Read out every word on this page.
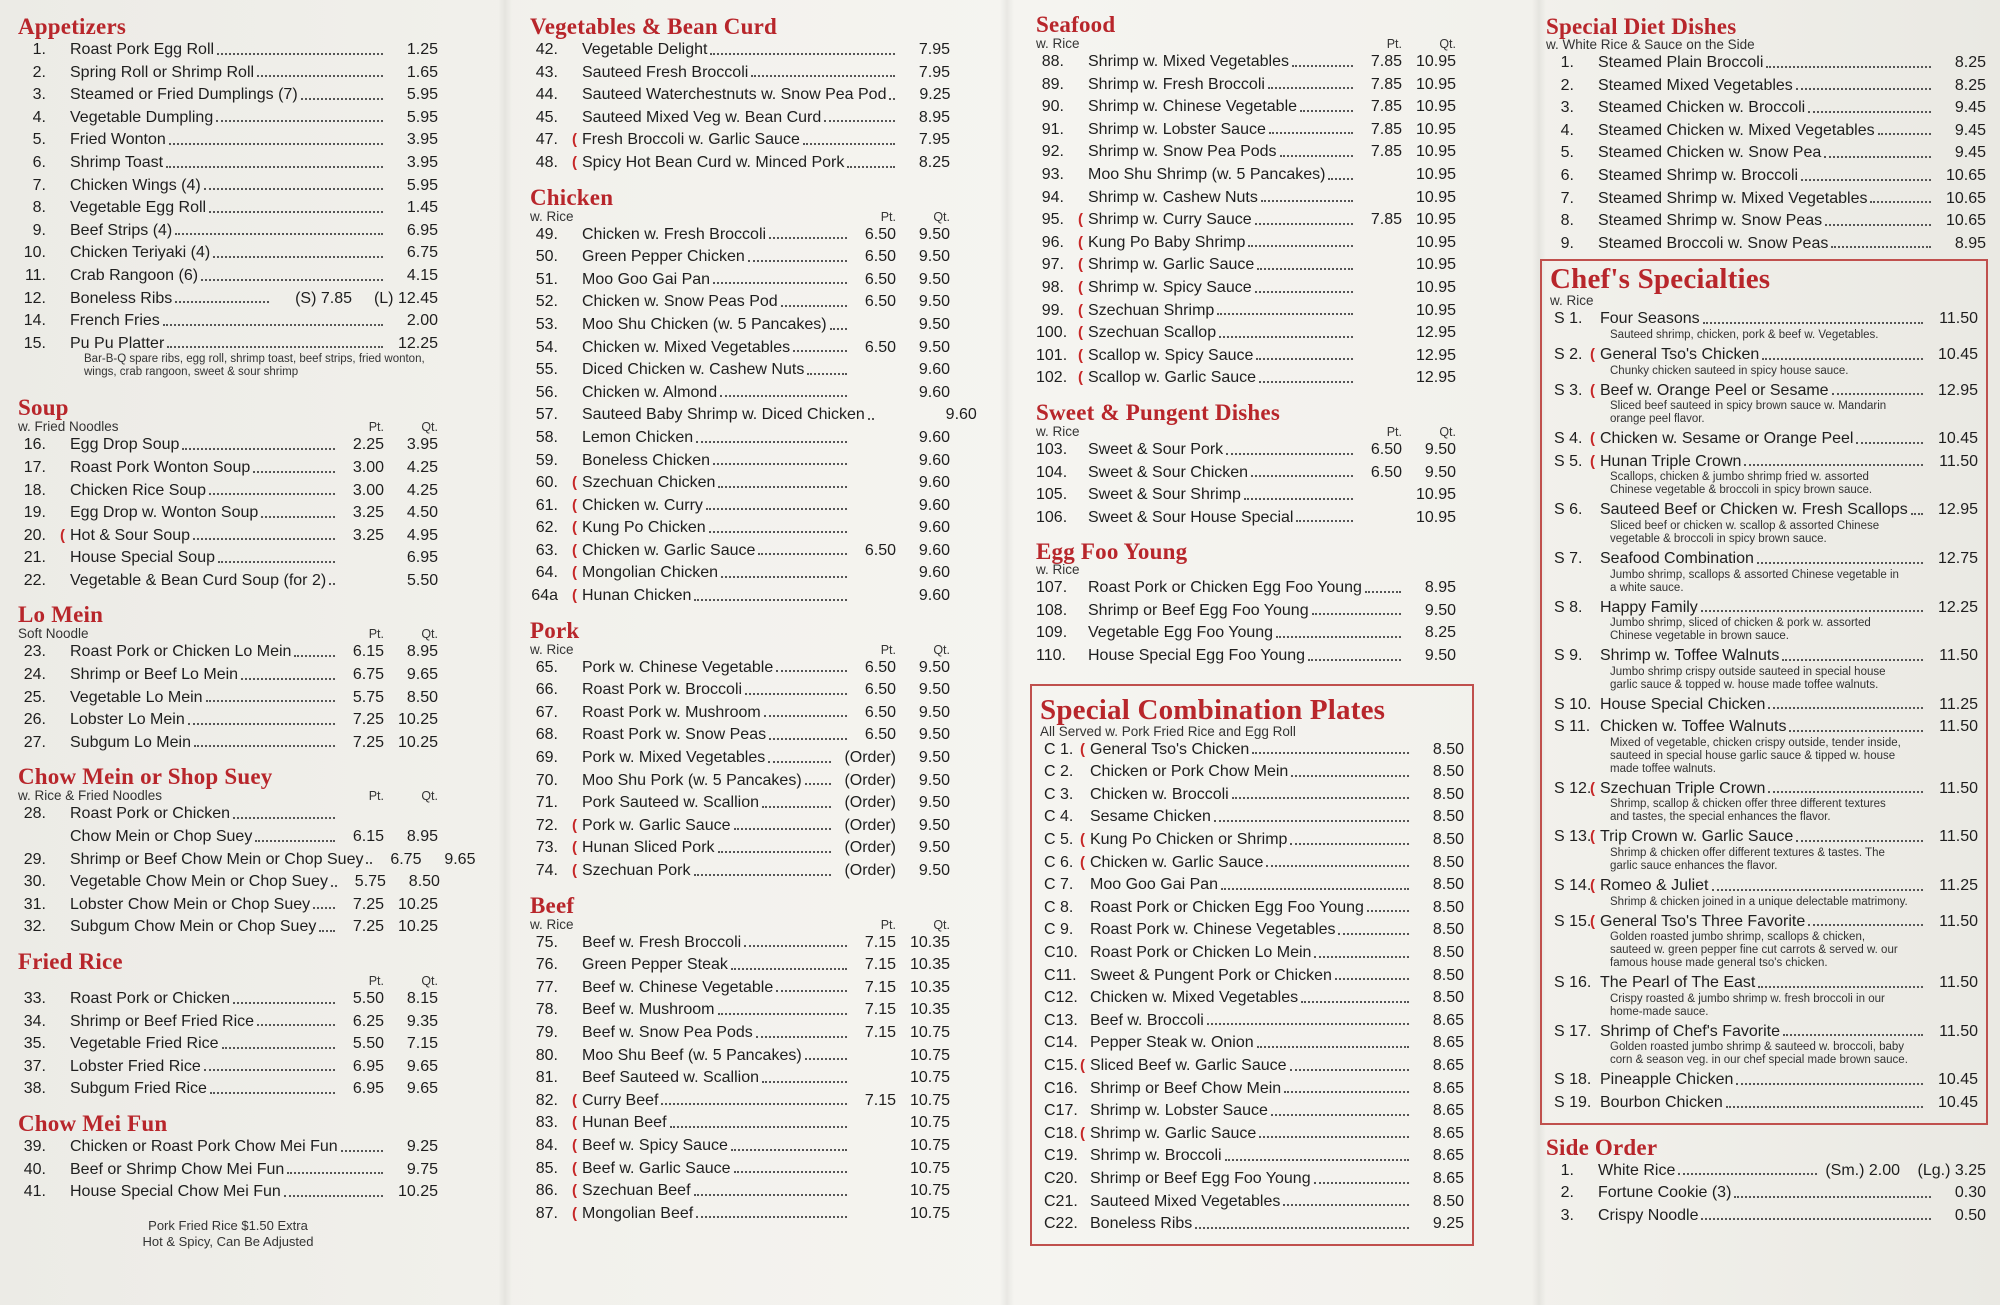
Appetizers
1.	Roast Pork Egg Roll	1.25
2.	Spring Roll or Shrimp Roll	1.65
3.	Steamed or Fried Dumplings (7)	5.95
4.	Vegetable Dumpling	5.95
5.	Fried Wonton	3.95
6.	Shrimp Toast	3.95
7.	Chicken Wings (4)	5.95
8.	Vegetable Egg Roll	1.45
9.	Beef Strips (4)	6.95
10.	Chicken Teriyaki (4)	6.75
11.	Crab Rangoon (6)	4.15
12.	Boneless Ribs	(S) 7.85	(L) 12.45
14.	French Fries	2.00
15.	Pu Pu Platter	12.25
Bar-B-Q spare ribs, egg roll, shrimp toast, beef strips, fried wonton, wings, crab rangoon, sweet & sour shrimp
Soup
w. Fried Noodles	Pt.	Qt.
16.	Egg Drop Soup	2.25	3.95
17.	Roast Pork Wonton Soup	3.00	4.25
18.	Chicken Rice Soup	3.00	4.25
19.	Egg Drop w. Wonton Soup	3.25	4.50
20. ( Hot & Sour Soup	3.25	4.95
21.	House Special Soup	6.95
22.	Vegetable & Bean Curd Soup (for 2)	5.50
Lo Mein
Soft Noodle	Pt.	Qt.
23.	Roast Pork or Chicken Lo Mein	6.15	8.95
24.	Shrimp or Beef Lo Mein	6.75	9.65
25.	Vegetable Lo Mein	5.75	8.50
26.	Lobster Lo Mein	7.25 10.25
27.	Subgum Lo Mein	7.25 10.25
Chow Mein or Shop Suey
w. Rice & Fried Noodles	Pt.	Qt.
28.	Roast Pork or Chicken
Chow Mein or Chop Suey	6.15	8.95
29.	Shrimp or Beef Chow Mein or Chop Suey	6.75	9.65
30.	Vegetable Chow Mein or Chop Suey	5.75	8.50
31.	Lobster Chow Mein or Chop Suey	7.25 10.25
32.	Subgum Chow Mein or Chop Suey	7.25 10.25
Fried Rice
Pt.	Qt.
33.	Roast Pork or Chicken	5.50	8.15
34.	Shrimp or Beef Fried Rice	6.25	9.35
35.	Vegetable Fried Rice	5.50	7.15
37.	Lobster Fried Rice	6.95	9.65
38.	Subgum Fried Rice	6.95	9.65
Chow Mei Fun
39.	Chicken or Roast Pork Chow Mei Fun	9.25
40.	Beef or Shrimp Chow Mei Fun	9.75
41.	House Special Chow Mei Fun	10.25
Pork Fried Rice $1.50 Extra
Hot & Spicy, Can Be Adjusted
Vegetables & Bean Curd
42.	Vegetable Delight	7.95
43.	Sauteed Fresh Broccoli	7.95
44.	Sauteed Waterchestnuts w. Snow Pea Pod	9.25
45.	Sauteed Mixed Veg w. Bean Curd	8.95
47. ( Fresh Broccoli w. Garlic Sauce	7.95
48. ( Spicy Hot Bean Curd w. Minced Pork	8.25
Chicken
w. Rice	Pt.	Qt.
49.	Chicken w. Fresh Broccoli	6.50	9.50
50.	Green Pepper Chicken	6.50	9.50
51.	Moo Goo Gai Pan	6.50	9.50
52.	Chicken w. Snow Peas Pod	6.50	9.50
53.	Moo Shu Chicken (w. 5 Pancakes)	9.50
54.	Chicken w. Mixed Vegetables	6.50	9.50
55.	Diced Chicken w. Cashew Nuts	9.60
56.	Chicken w. Almond	9.60
57.	Sauteed Baby Shrimp w. Diced Chicken	9.60
58.	Lemon Chicken	9.60
59.	Boneless Chicken	9.60
60. ( Szechuan Chicken	9.60
61. ( Chicken w. Curry	9.60
62. ( Kung Po Chicken	9.60
63. ( Chicken w. Garlic Sauce	6.50	9.60
64. ( Mongolian Chicken	9.60
64a ( Hunan Chicken	9.60
Pork
w. Rice	Pt.	Qt.
65.	Pork w. Chinese Vegetable	6.50	9.50
66.	Roast Pork w. Broccoli	6.50	9.50
67.	Roast Pork w. Mushroom	6.50	9.50
68.	Roast Pork w. Snow Peas	6.50	9.50
69.	Pork w. Mixed Vegetables	(Order)	9.50
70.	Moo Shu Pork (w. 5 Pancakes)	(Order)	9.50
71.	Pork Sauteed w. Scallion	(Order)	9.50
72. ( Pork w. Garlic Sauce	(Order)	9.50
73. ( Hunan Sliced Pork	(Order)	9.50
74. ( Szechuan Pork	(Order)	9.50
Beef
w. Rice	Pt.	Qt.
75.	Beef w. Fresh Broccoli	7.15 10.35
76.	Green Pepper Steak	7.15 10.35
77.	Beef w. Chinese Vegetable	7.15 10.35
78.	Beef w. Mushroom	7.15 10.35
79.	Beef w. Snow Pea Pods	7.15 10.75
80.	Moo Shu Beef (w. 5 Pancakes)	10.75
81.	Beef Sauteed w. Scallion	10.75
82. ( Curry Beef	7.15 10.75
83. ( Hunan Beef	10.75
84. ( Beef w. Spicy Sauce	10.75
85. ( Beef w. Garlic Sauce	10.75
86. ( Szechuan Beef	10.75
87. ( Mongolian Beef	10.75
Seafood
w. Rice	Pt.	Qt.
88.	Shrimp w. Mixed Vegetables	7.85 10.95
89.	Shrimp w. Fresh Broccoli	7.85 10.95
90.	Shrimp w. Chinese Vegetable	7.85 10.95
91.	Shrimp w. Lobster Sauce	7.85 10.95
92.	Shrimp w. Snow Pea Pods	7.85 10.95
93.	Moo Shu Shrimp (w. 5 Pancakes)	10.95
94.	Shrimp w. Cashew Nuts	10.95
95. ( Shrimp w. Curry Sauce	7.85 10.95
96. ( Kung Po Baby Shrimp	10.95
97. ( Shrimp w. Garlic Sauce	10.95
98. ( Shrimp w. Spicy Sauce	10.95
99. ( Szechuan Shrimp	10.95
100. ( Szechuan Scallop	12.95
101. ( Scallop w. Spicy Sauce	12.95
102. ( Scallop w. Garlic Sauce	12.95
Sweet & Pungent Dishes
w. Rice	Pt.	Qt.
103.	Sweet & Sour Pork	6.50	9.50
104.	Sweet & Sour Chicken	6.50	9.50
105.	Sweet & Sour Shrimp	10.95
106.	Sweet & Sour House Special	10.95
Egg Foo Young
w. Rice
107.	Roast Pork or Chicken Egg Foo Young	8.95
108.	Shrimp or Beef Egg Foo Young	9.50
109.	Vegetable Egg Foo Young	8.25
110.	House Special Egg Foo Young	9.50
Special Combination Plates
All Served w. Pork Fried Rice and Egg Roll
C 1. ( General Tso's Chicken	8.50
C 2.	Chicken or Pork Chow Mein	8.50
C 3.	Chicken w. Broccoli	8.50
C 4.	Sesame Chicken	8.50
C 5. ( Kung Po Chicken or Shrimp	8.50
C 6. ( Chicken w. Garlic Sauce	8.50
C 7.	Moo Goo Gai Pan	8.50
C 8.	Roast Pork or Chicken Egg Foo Young	8.50
C 9.	Roast Pork w. Chinese Vegetables	8.50
C10. Roast Pork or Chicken Lo Mein	8.50
C11. Sweet & Pungent Pork or Chicken	8.50
C12. Chicken w. Mixed Vegetables	8.50
C13. Beef w. Broccoli	8.65
C14. Pepper Steak w. Onion	8.65
C15. ( Sliced Beef w. Garlic Sauce	8.65
C16. Shrimp or Beef Chow Mein	8.65
C17. Shrimp w. Lobster Sauce	8.65
C18. ( Shrimp w. Garlic Sauce	8.65
C19. Shrimp w. Broccoli	8.65
C20. Shrimp or Beef Egg Foo Young	8.65
C21. Sauteed Mixed Vegetables	8.50
C22. Boneless Ribs	9.25
Special Diet Dishes
w. White Rice & Sauce on the Side
1.	Steamed Plain Broccoli	8.25
2.	Steamed Mixed Vegetables	8.25
3.	Steamed Chicken w. Broccoli	9.45
4.	Steamed Chicken w. Mixed Vegetables	9.45
5.	Steamed Chicken w. Snow Pea	9.45
6.	Steamed Shrimp w. Broccoli	10.65
7.	Steamed Shrimp w. Mixed Vegetables	10.65
8.	Steamed Shrimp w. Snow Peas	10.65
9.	Steamed Broccoli w. Snow Peas	8.95
Chef's Specialties
w. Rice
S 1.	Four Seasons	11.50
Sauteed shrimp, chicken, pork & beef w. Vegetables.
S 2. ( General Tso's Chicken	10.45
Chunky chicken sauteed in spicy house sauce.
S 3. ( Beef w. Orange Peel or Sesame	12.95
Sliced beef sauteed in spicy brown sauce w. Mandarin orange peel flavor.
S 4. ( Chicken w. Sesame or Orange Peel	10.45
S 5. ( Hunan Triple Crown	11.50
Scallops, chicken & jumbo shrimp fried w. assorted Chinese vegetable & broccoli in spicy brown sauce.
S 6.	Sauteed Beef or Chicken w. Fresh Scallops	12.95
Sliced beef or chicken w. scallop & assorted Chinese vegetable & broccoli in spicy brown sauce.
S 7.	Seafood Combination	12.75
Jumbo shrimp, scallops & assorted Chinese vegetable in a white sauce.
S 8.	Happy Family	12.25
Jumbo shrimp, sliced of chicken & pork w. assorted Chinese vegetable in brown sauce.
S 9.	Shrimp w. Toffee Walnuts	11.50
Jumbo shrimp crispy outside sauteed in special house garlic sauce & topped w. house made toffee walnuts.
S 10. House Special Chicken	11.25
S 11. Chicken w. Toffee Walnuts	11.50
Mixed of vegetable, chicken crispy outside, tender inside, sauteed in special house garlic sauce & tipped w. house made toffee walnuts.
S 12.
( Szechuan Triple Crown	11.50
Shrimp, scallop & chicken offer three different textures and tastes, the special enhances the flavor.
S 13.
( Trip Crown w. Garlic Sauce	11.50
Shrimp & chicken offer different textures & tastes. The garlic sauce enhances the flavor.
S 14.
( Romeo & Juliet	11.25
Shrimp & chicken joined in a unique delectable matrimony.
S 15.
( General Tso's Three Favorite	11.50
Golden roasted jumbo shrimp, scallops & chicken, sauteed w. green pepper fine cut carrots & served w. our famous house made general tso's chicken.
S 16. The Pearl of The East	11.50
Crispy roasted & jumbo shrimp w. fresh broccoli in our home-made sauce.
S 17. Shrimp of Chef's Favorite	11.50
Golden roasted jumbo shrimp & sauteed w. broccoli, baby corn & season veg. in our chef special made brown sauce.
S 18. Pineapple Chicken	10.45
S 19. Bourbon Chicken	10.45
Side Order
1.	White Rice	(Sm.) 2.00	(Lg.) 3.25
2.	Fortune Cookie (3)	0.30
3.	Crispy Noodle	0.50
